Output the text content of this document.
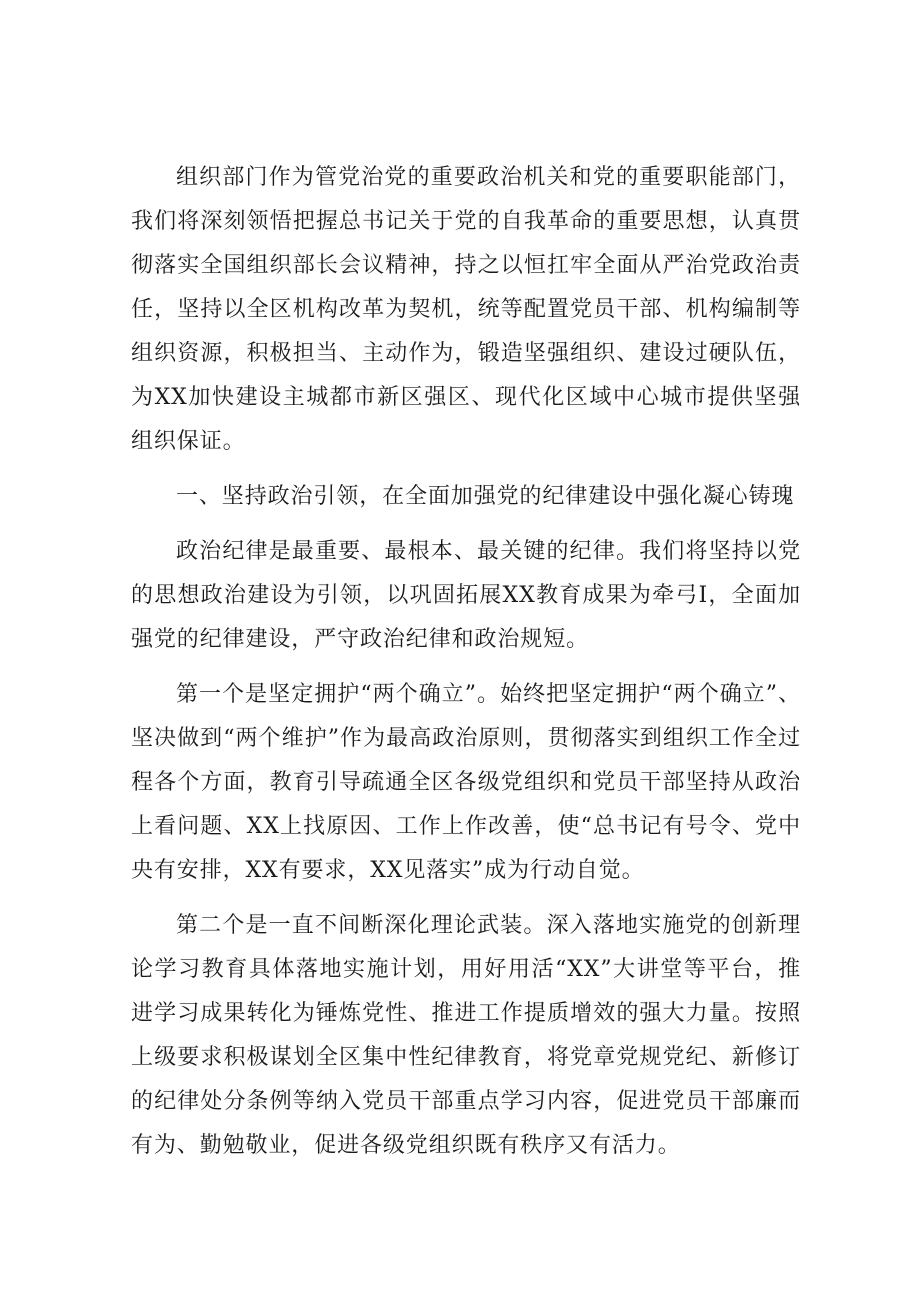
组织部门作为管党治党的重要政治机关和党的重要职能部门，我们将深刻领悟把握总书记关于党的自我革命的重要思想，认真贯彻落实全国组织部长会议精神，持之以恒扛牢全面从严治党政治责任，坚持以全区机构改革为契机，统等配置党员干部、机构编制等组织资源，积极担当、主动作为，锻造坚强组织、建设过硬队伍，为XX加快建设主城都市新区强区、现代化区域中心城市提供坚强组织保证。

一、坚持政治引领，在全面加强党的纪律建设中强化凝心铸瑰

政治纪律是最重要、最根本、最关键的纪律。我们将坚持以党的思想政治建设为引领，以巩固拓展XX教育成果为牵弓I，全面加强党的纪律建设，严守政治纪律和政治规短。

第一个是坚定拥护“两个确立”。始终把坚定拥护“两个确立”、坚决做到“两个维护”作为最高政治原则，贯彻落实到组织工作全过程各个方面，教育引导疏通全区各级党组织和党员干部坚持从政治上看问题、XX上找原因、工作上作改善，使“总书记有号令、党中央有安排，XX有要求，XX见落实”成为行动自觉。

第二个是一直不间断深化理论武装。深入落地实施党的创新理论学习教育具体落地实施计划，用好用活“XX”大讲堂等平台，推进学习成果转化为锤炼党性、推进工作提质增效的强大力量。按照上级要求积极谋划全区集中性纪律教育，将党章党规党纪、新修订的纪律处分条例等纳入党员干部重点学习内容，促进党员干部廉而有为、勤勉敬业，促进各级党组织既有秩序又有活力。
